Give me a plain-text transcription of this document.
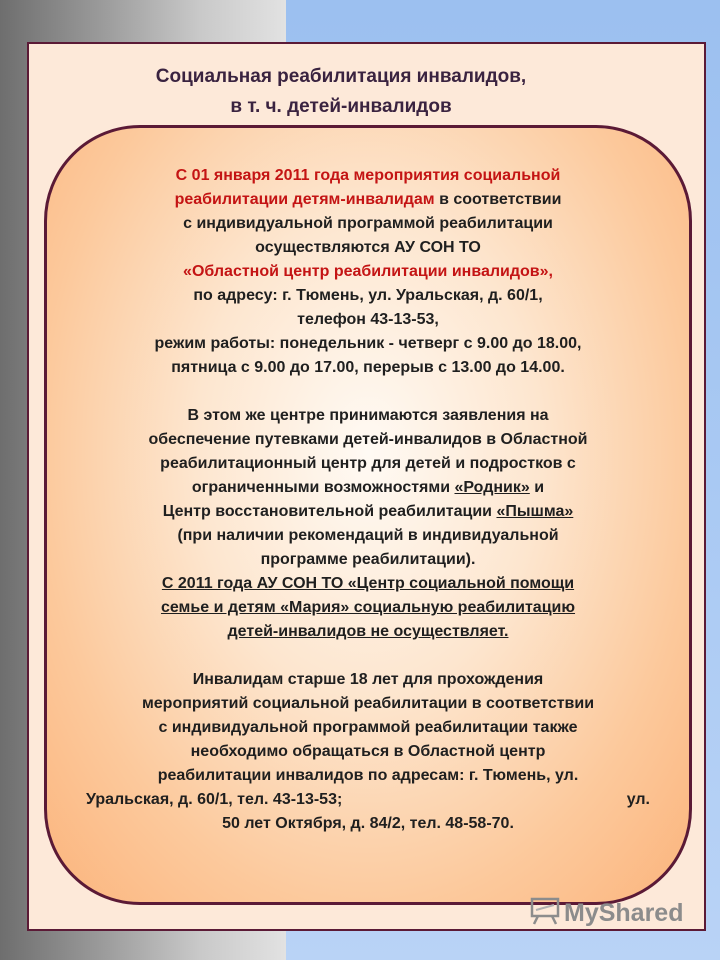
Социальная реабилитация инвалидов,
в т. ч. детей-инвалидов

С 01 января 2011 года мероприятия социальной

реабилитации детям-инвалидам в соответствии

с индивидуальной программой реабилитации

осуществляются АУ СОН ТО

«Областной центр реабилитации инвалидов»,

по адресу: г. Тюмень, ул. Уральская, д. 60/1,

телефон 43-13-53,

режим работы: понедельник - четверг с 9.00 до 18.00,

пятница с 9.00 до 17.00, перерыв с 13.00 до 14.00.

В этом же центре принимаются заявления на

обеспечение путевками детей-инвалидов в Областной

реабилитационный центр для детей и подростков с

ограниченными возможностями «Родник» и

Центр восстановительной реабилитации «Пышма»

(при наличии рекомендаций в индивидуальной

программе реабилитации).

С 2011 года АУ СОН ТО «Центр социальной помощи

семье и детям «Мария» социальную реабилитацию

детей-инвалидов не осуществляет.

Инвалидам старше 18 лет для прохождения

мероприятий социальной реабилитации в соответствии

с индивидуальной программой реабилитации также

необходимо обращаться в Областной центр

реабилитации инвалидов по адресам: г. Тюмень, ул.

Уральская, д. 60/1, тел. 43-13-53;	ул.

50 лет Октября, д. 84/2, тел. 48-58-70.

MyShared
